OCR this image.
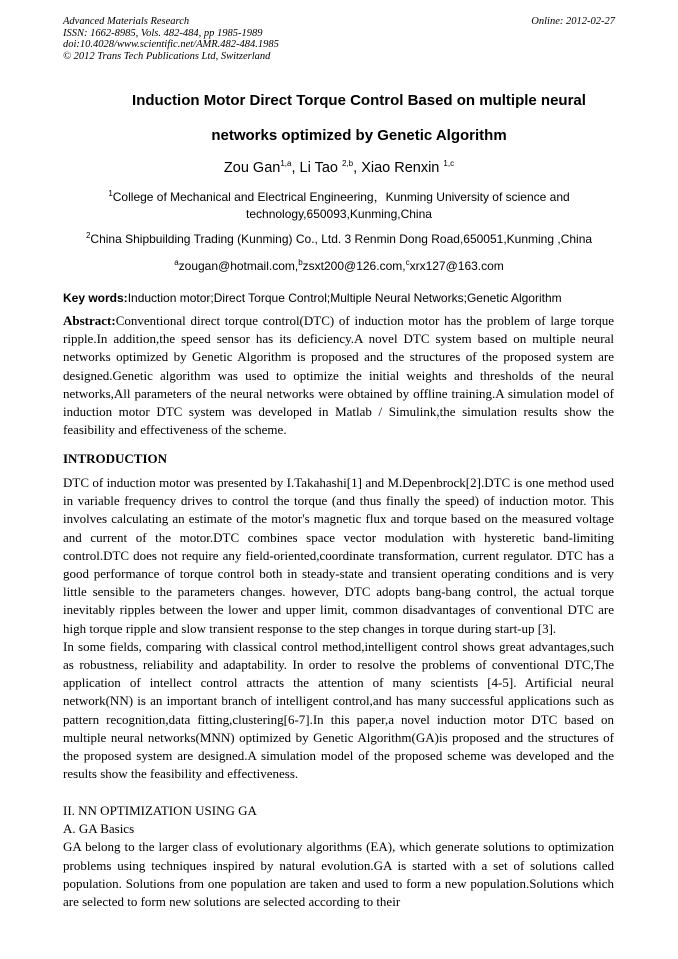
Advanced Materials Research
ISSN: 1662-8985, Vols. 482-484, pp 1985-1989
doi:10.4028/www.scientific.net/AMR.482-484.1985
© 2012 Trans Tech Publications Ltd, Switzerland
Online: 2012-02-27
Induction Motor Direct Torque Control Based on multiple neural
networks optimized by Genetic Algorithm
Zou Gan$^{1,a}$, Li Tao $^{2,b}$, Xiao Renxin $^{1,c}$
$^1$College of Mechanical and Electrical Engineering，Kunming University of science and
technology,650093,Kunming,China
$^2$China Shipbuilding Trading (Kunming) Co., Ltd. 3 Renmin Dong Road,650051,Kunming ,China
$^a$zougan@hotmail.com,$^b$zsxt200@126.com,$^c$xrx127@163.com
Key words:Induction motor;Direct Torque Control;Multiple Neural Networks;Genetic Algorithm
Abstract:Conventional direct torque control(DTC) of induction motor has the problem of large torque ripple.In addition,the speed sensor has its deficiency.A novel DTC system based on multiple neural networks optimized by Genetic Algorithm is proposed and the structures of the proposed system are designed.Genetic algorithm was used to optimize the initial weights and thresholds of the neural networks,All parameters of the neural networks were obtained by offline training.A simulation model of induction motor DTC system was developed in Matlab / Simulink,the simulation results show the feasibility and effectiveness of the scheme.
INTRODUCTION

DTC of induction motor was presented by I.Takahashi[1] and M.Depenbrock[2].DTC is one method used in variable frequency drives to control the torque (and thus finally the speed) of induction motor. This involves calculating an estimate of the motor's magnetic flux and torque based on the measured voltage and current of the motor.DTC combines space vector modulation with hysteretic band-limiting control.DTC does not require any field-oriented,coordinate transformation, current regulator. DTC has a good performance of torque control both in steady-state and transient operating conditions and is very little sensible to the parameters changes. however, DTC adopts bang-bang control, the actual torque inevitably ripples between the lower and upper limit, common disadvantages of conventional DTC are high torque ripple and slow transient response to the step changes in torque during start-up [3].

In some fields, comparing with classical control method,intelligent control shows great advantages,such as robustness, reliability and adaptability. In order to resolve the problems of conventional DTC,The application of intellect control attracts the attention of many scientists [4-5]. Artificial neural network(NN) is an important branch of intelligent control,and has many successful applications such as pattern recognition,data fitting,clustering[6-7].In this paper,a novel induction motor DTC based on multiple neural networks(MNN) optimized by Genetic Algorithm(GA)is proposed and the structures of the proposed system are designed.A simulation model of the proposed scheme was developed and the results show the feasibility and effectiveness.

II. NN OPTIMIZATION USING GA

A. GA Basics

GA belong to the larger class of evolutionary algorithms (EA), which generate solutions to optimization problems using techniques inspired by natural evolution.GA is started with a set of solutions called population. Solutions from one population are taken and used to form a new population.Solutions which are selected to form new solutions are selected according to their
